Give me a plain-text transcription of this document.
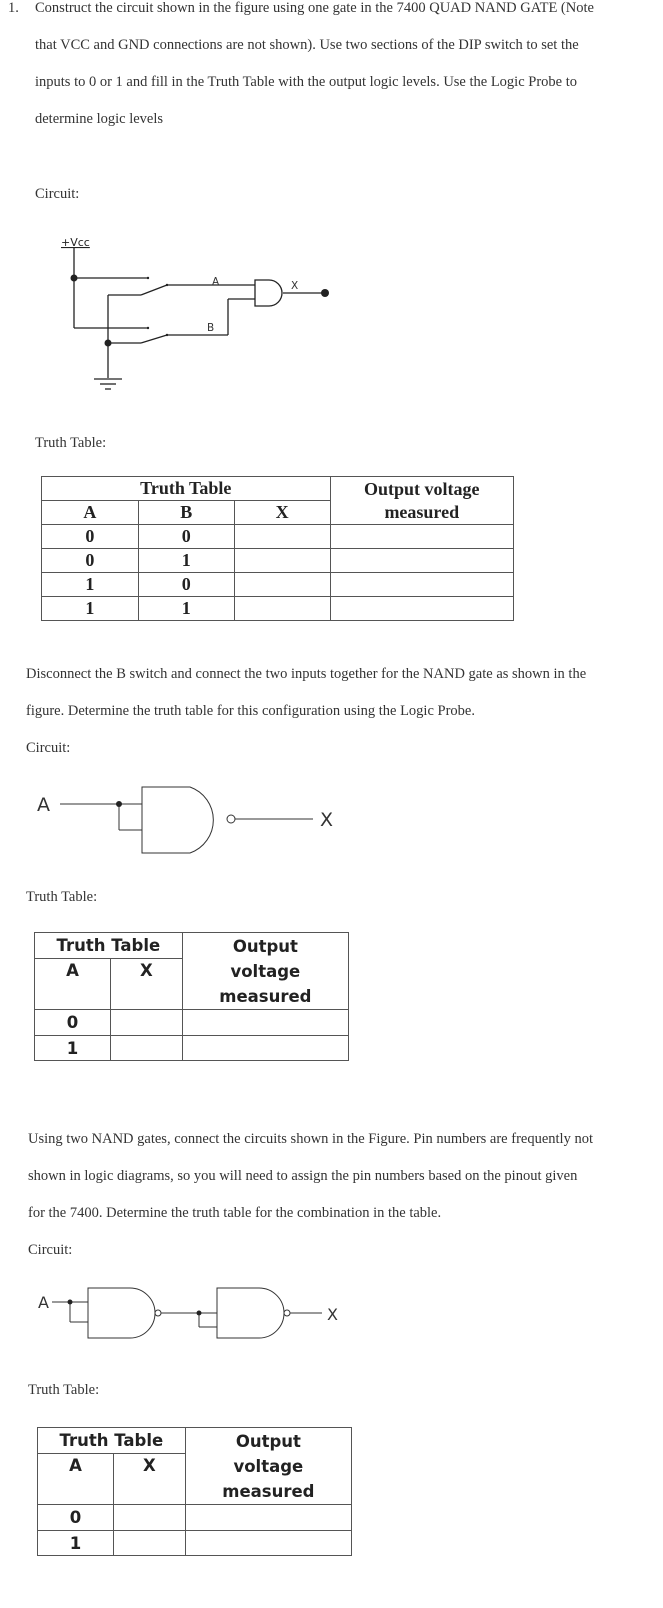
1. Construct the circuit shown in the figure using one gate in the 7400 QUAD NAND GATE (Note
that VCC and GND connections are not shown). Use two sections of the DIP switch to set the
inputs to 0 or 1 and fill in the Truth Table with the output logic levels. Use the Logic Probe to
determine logic levels
Circuit:
+Vcc
A
B
X
Truth Table:
Truth Table			Output voltage measured
A	B	X	
0	0		
0	1		
1	0		
1	1		
Disconnect the B switch and connect the two inputs together for the NAND gate as shown in the
figure. Determine the truth table for this configuration using the Logic Probe.
Circuit:
A
X
Truth Table:
Truth Table		Output voltage measured
A	X	
0		
1		
Using two NAND gates, connect the circuits shown in the Figure. Pin numbers are frequently not
shown in logic diagrams, so you will need to assign the pin numbers based on the pinout given
for the 7400. Determine the truth table for the combination in the table.
Circuit:
A
X
Truth Table:
Truth Table		Output voltage measured
A	X	
0		
1		
